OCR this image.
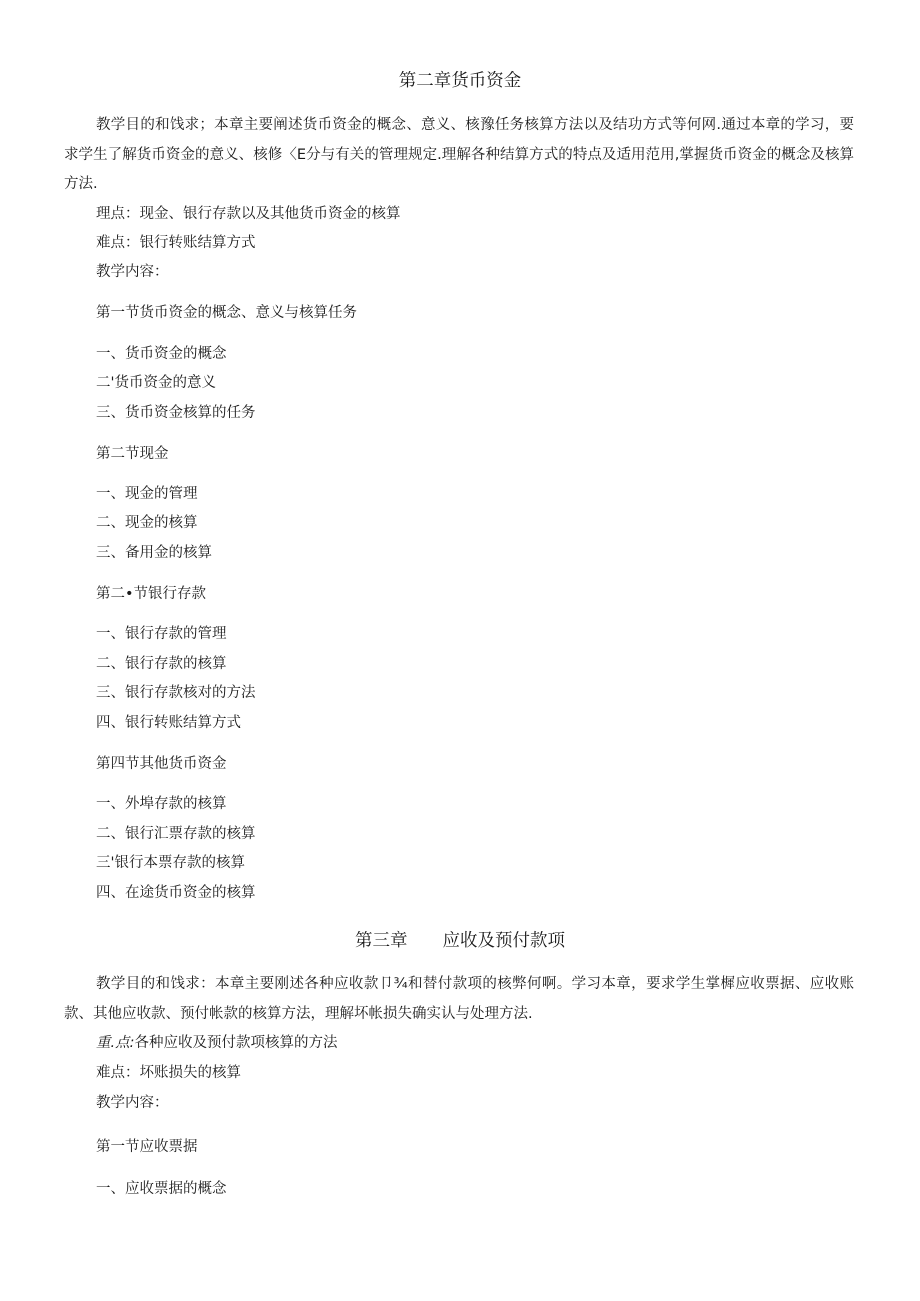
第二章货币资金

教学目的和饯求；本章主要阐述货币资金的概念、意义、核豫任务核算方法以及结功方式等何网.通过本章的学习，要求学生了解货币资金的意义、核修〈E分与有关的管理规定.理解各种结算方式的特点及适用范用,掌握货币资金的概念及核算方法.

理点：现金、银行存款以及其他货币资金的核算
难点：银行转账结算方式
教学内容：
第一节货币资金的概念、意义与核算任务
一、货币资金的概念
二'货币资金的意义
三、货币资金核算的任务
第二节现金
一、现金的管理
二、现金的核算
三、备用金的核算
第二•节银行存款
一、银行存款的管理
二、银行存款的核算
三、银行存款核对的方法
四、银行转账结算方式
第四节其他货币资金
一、外埠存款的核算
二、银行汇票存款的核算
三'银行本票存款的核算
四、在途货币资金的核算
第三章　　应收及预付款项

教学目的和饯求：本章主要刚述各种应收款卩¾和替付款项的核弊何啊。学习本章，要求学生掌樨应收票据、应收账款、其他应收款、预付帐款的核算方法，理解坏帐损失确实认与处理方法.

重.点:各种应收及预付款项核算的方法
难点：坏账损失的核算
教学内容：
第一节应收票据
一、应收票据的概念
